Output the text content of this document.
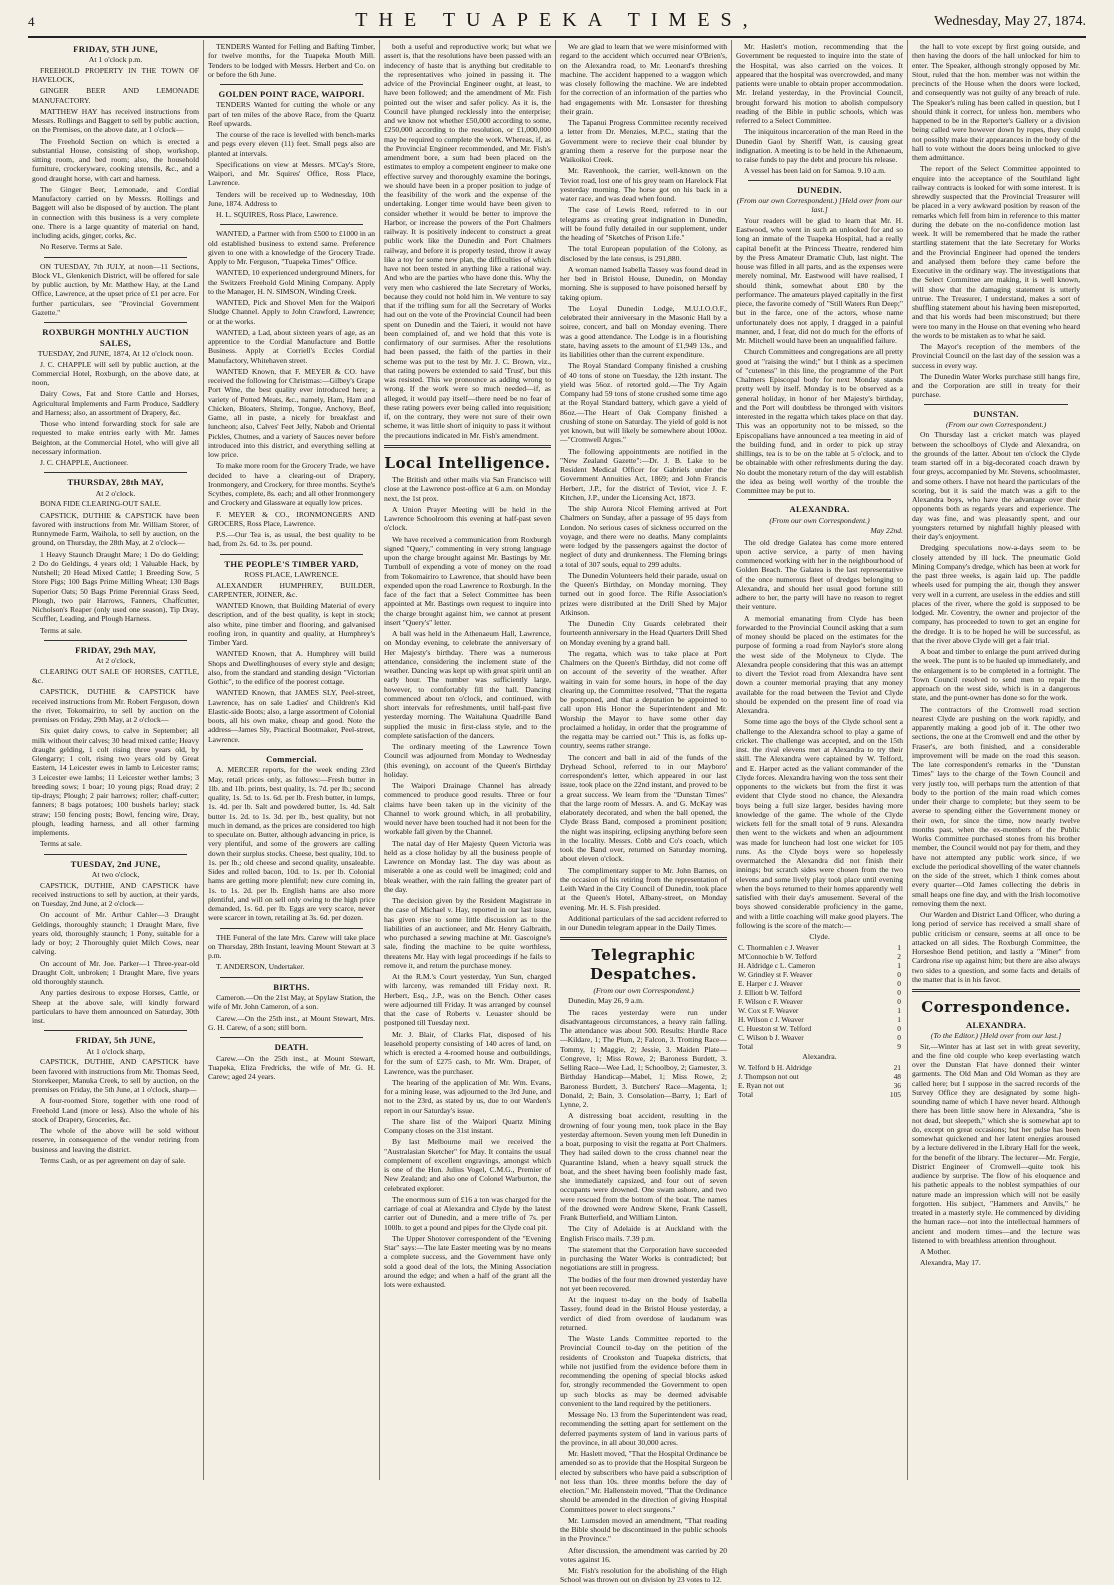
4	THE TUAPEKA TIMES,	Wednesday, May 27, 1874.
FRIDAY, 5TH JUNE,
At 1 o'clock p.m.

FREEHOLD PROPERTY IN THE TOWN OF HAVELOCK,

GINGER BEER AND LEMONADE MANUFACTORY.

MATTHEW HAY has received instructions from Messrs. Rollings and Baggett to sell by public auction, on the Premises, on the above date, at 1 o'clock—

The Freehold Section on which is erected a substantial House, consisting of shop, workshop, sitting room, and bed room; also, the household furniture, crockeryware, cooking utensils, &c., and a good draught horse, with cart and harness.

The Ginger Beer, Lemonade, and Cordial Manufactory carried on by Messrs. Rollings and Baggett will also be disposed of by auction. The plant in connection with this business is a very complete one. There is a large quantity of material on hand, including acids, ginger, corks, &c.

No Reserve. Terms at Sale.

ON TUESDAY, 7th JULY, at noon—11 Sections, Block VI., Glenkenich District, will be offered for sale by public auction, by Mr. Matthew Hay, at the Land Office, Lawrence, at the upset price of £1 per acre. For further particulars, see "Provincial Government Gazette."

ROXBURGH MONTHLY AUCTION SALES,
TUESDAY, 2nd JUNE, 1874, At 12 o'clock noon.

J. C. CHAPPLE will sell by public auction, at the Commercial Hotel, Roxburgh, on the above date, at noon,

Dairy Cows, Fat and Store Cattle and Horses, Agricultural Implements and Farm Produce, Saddlery and Harness; also, an assortment of Drapery, &c.

Those who intend forwarding stock for sale are requested to make entries early with Mr. James Beighton, at the Commercial Hotel, who will give all necessary information.

J. C. CHAPPLE, Auctioneer.

THURSDAY, 28th MAY,
At 2 o'clock.

BONA FIDE CLEARING-OUT SALE.

CAPSTICK, DUTHIE & CAPSTICK have been favored with instructions from Mr. William Storer, of Runnymede Farm, Waihola, to sell by auction, on the ground, on Thursday, the 28th May, at 2 o'clock—

1 Heavy Staunch Draught Mare; 1 Do do Gelding; 2 Do do Geldings, 4 years old; 1 Valuable Hack, by Nutshell; 20 Head Mixed Cattle; 1 Breeding Sow, 5 Store Pigs; 100 Bags Prime Milling Wheat; 130 Bags Superior Oats; 50 Bags Prime Perennial Grass Seed, Plough, two pair Harrows, Fanners, Chaffcutter, Nicholson's Reaper (only used one season), Tip Dray, Scuffler, Leading, and Plough Harness.

Terms at sale.

FRIDAY, 29th MAY,
At 2 o'clock,

CLEARING OUT SALE OF HORSES, CATTLE, &c.

CAPSTICK, DUTHIE & CAPSTICK have received instructions from Mr. Robert Ferguson, down the river, Tokomairiro, to sell by auction on the premises on Friday, 29th May, at 2 o'clock—

Six quiet dairy cows, to calve in September; all milk without their calves; 30 head mixed cattle; Heavy draught gelding, 1 colt rising three years old, by Glengarry; 1 colt, rising two years old by Great Eastern, 14 Leicester ewes in lamb to Leicester rams; 3 Leicester ewe lambs; 11 Leicester wether lambs; 3 breeding sows; 1 boar; 10 young pigs; Road dray; 2 tip-drays; Plough; 2 pair harrows; roller; chaff-cutter; fanners; 8 bags potatoes; 100 bushels barley; stack straw; 150 fencing posts; Bowl, fencing wire, Dray, plough, leading harness, and all other farming implements.

Terms at sale.

TUESDAY, 2nd JUNE,
At two o'clock,

CAPSTICK, DUTHIE, AND CAPSTICK have received instructions to sell by auction, at their yards, on Tuesday, 2nd June, at 2 o'clock—

On account of Mr. Arthur Cahler—3 Draught Geldings, thoroughly staunch; 1 Draught Mare, five years old, thoroughly staunch; 1 Pony, suitable for a lady or boy; 2 Thoroughly quiet Milch Cows, near calving.

On account of Mr. Joe. Parker—1 Three-year-old Draught Colt, unbroken; 1 Draught Mare, five years old thoroughly staunch.

Any parties desirous to expose Horses, Cattle, or Sheep at the above sale, will kindly forward particulars to have them announced on Saturday, 30th inst.

FRIDAY, 5th JUNE,
At 1 o'clock sharp,

CAPSTICK, DUTHIE, AND CAPSTICK have been favored with instructions from Mr. Thomas Seed, Storekeeper, Manuka Creek, to sell by auction, on the premises on Friday, the 5th June, at 1 o'clock, sharp—

A four-roomed Store, together with one rood of Freehold Land (more or less). Also the whole of his stock of Drapery, Groceries, &c.

The whole of the above will be sold without reserve, in consequence of the vendor retiring from business and leaving the district.

Terms Cash, or as per agreement on day of sale.

TENDERS Wanted for Felling and Bafting Timber, for twelve months, for the Tuapeka Mouth Mill. Tenders to be lodged with Messrs. Herbert and Co. on or before the 6th June.

GOLDEN POINT RACE, WAIPORI.

TENDERS Wanted for cutting the whole or any part of ten miles of the above Race, from the Quartz Reef upwards.

The course of the race is levelled with bench-marks and pegs every eleven (11) feet. Small pegs also are planted at intervals.

Specifications on view at Messrs. M'Cay's Store, Waipori, and Mr. Squires' Office, Ross Place, Lawrence.

Tenders will be received up to Wednesday, 10th June, 1874. Address to

H. L. SQUIRES, Ross Place, Lawrence.

WANTED, a Partner with from £500 to £1000 in an old established business to extend same. Preference given to one with a knowledge of the Grocery Trade. Apply to Mr. Ferguson, "Tuapeka Times" Office.

WANTED, 10 experienced underground Miners, for the Switzers Freehold Gold Mining Company. Apply to the Manager, H. N. SIMSON, Winding Creek.

WANTED, Pick and Shovel Men for the Waipori Sludge Channel. Apply to John Crawford, Lawrence; or at the works.

WANTED, a Lad, about sixteen years of age, as an apprentice to the Cordial Manufacture and Bottle Business. Apply at Corriell's Eccles Cordial Manufactory, Whitehaven street.

WANTED Known, that F. MEYER & CO. have received the following for Christmas:—Gilbey's Grape Port Wine, the best quality ever introduced here; a variety of Potted Meats, &c., namely, Ham, Ham and Chicken, Bloaters, Shrimp, Tongue, Anchovy, Beef, Game, all in paste, a nicely for breakfast and luncheon; also, Calves' Feet Jelly, Nabob and Oriental Pickles, Chutnes, and a variety of Sauces never before introduced into this district, and everything selling at low price.

To make more room for the Grocery Trade, we have decided to have a clearing-out of Drapery, Ironmongery, and Crockery, for three months. Scythe's Scythes, complete, 8s. each; and all other Ironmongery and Crockery and Glassware at equally low prices.

F. MEYER & CO., IRONMONGERS AND GROCERS, Ross Place, Lawrence.

P.S.—Our Tea is, as usual, the best quality to be had, from 2s. 6d. to 3s. per pound.

THE PEOPLE'S TIMBER YARD,
ROSS PLACE, LAWRENCE.

ALEXANDER HUMPHREY, BUILDER, CARPENTER, JOINER, &c.

WANTED Known, that Building Material of every description, and of the best quality, is kept in stock; also white, pine timber and flooring, and galvanised roofing iron, in quantity and quality, at Humphrey's Timber Yard.

WANTED Known, that A. Humphrey will build Shops and Dwellinghouses of every style and design; also, from the standard and standing design "Victorian Gothic", to the edifice of the poorest cottage.

WANTED Known, that JAMES SLY, Peel-street, Lawrence, has on sale Ladies' and Children's Kid Elastic-side Boots; also, a large assortment of Colonial boots, all his own make, cheap and good. Note the address—James Sly, Practical Bootmaker, Peel-street, Lawrence.

Commercial.

A. MERCER reports, for the week ending 23rd May, retail prices only, as follows:—Fresh butter in 1lb. and 1lb. prints, best quality, 1s. 7d. per lb.; second quality, 1s. 5d. to 1s. 6d. per lb. Fresh butter, in lumps, 1s. 4d. per lb. Salt and powdered butter, 1s. 4d. Salt butter 1s. 2d. to 1s. 3d. per lb., best quality, but not much in demand, as the prices are considered too high to speculate on. Butter, although advancing in price, is very plentiful, and some of the growers are calling down their surplus stocks. Cheese, best quality, 10d. to 1s. per lb.; old cheese and second quality, unsaleable. Sides and rolled bacon, 10d. to 1s. per lb. Colonial hams are getting more plentiful; new cure coming in, 1s. to 1s. 2d. per lb. English hams are also more plentiful, and will on sell only owing to the high price demanded, 1s. 6d. per lb. Eggs are very scarce, never were scarcer in town, retailing at 3s. 6d. per dozen.

THE Funeral of the late Mrs. Carew will take place on Thursday, 28th Instant, leaving Mount Stewart at 3 p.m.

T. ANDERSON, Undertaker.

BIRTHS.

Cameron.—On the 21st May, at Spylaw Station, the wife of Mr. John Cameron, of a son.

Carew.—On the 25th inst., at Mount Stewart, Mrs. G. H. Carew, of a son; still born.

DEATH.

Carew.—On the 25th inst., at Mount Stewart, Tuapeka, Eliza Fredricks, the wife of Mr. G. H. Carew; aged 24 years.

both a useful and reproductive work; but what we assert is, that the resolutions have been passed with an indecency of haste that is anything but creditable to the representatives who joined in passing it. The advice of the Provincial Engineer ought, at least, to have been followed; and the amendment of Mr. Fish pointed out the wiser and safer policy. As it is, the Council have plunged recklessly into the enterprise; and we know not whether £50,000 according to some, £250,000 according to the resolution, or £1,000,000 may be required to complete the work. Whereas, if, as the Provincial Engineer recommended, and Mr. Fish's amendment bore, a sum had been placed on the estimates to employ a competent engineer to make one effective survey and thoroughly examine the borings, we should have been in a proper position to judge of the feasibility of the work and the expense of the undertaking. Longer time would have been given to consider whether it would be better to improve the Harbor, or increase the powers of the Port Chalmers railway. It is positively indecent to construct a great public work like the Dunedin and Port Chalmers railway, and before it is properly tested, throw it away like a toy for some new plan, the difficulties of which have not been tested in anything like a rational way. And who are the parties who have done this. Why the very men who cashiered the late Secretary of Works, because they could not hold him in. We venture to say that if the trifling sum for all the Secretary of Works had out on the vote of the Provincial Council had been spent on Dunedin and the Taieri, it would not have been complained of, and we hold that this vote is confirmatory of our surmises. After the resolutions had been passed, the faith of the parties in their scheme was put to the test by Mr. J. C. Brown, viz., that rating powers be extended to said 'Trust', but this was resisted. This we pronounce as adding wrong to wrong. If the work were so much needed—if, as alleged, it would pay itself—there need be no fear of these rating powers ever being called into requisition; if, on the contrary, they were not sure of their own scheme, it was little short of iniquity to pass it without the precautions indicated in Mr. Fish's amendment.

Local Intelligence.

The British and other mails via San Francisco will close at the Lawrence post-office at 6 a.m. on Monday next, the 1st prox.

A Union Prayer Meeting will be held in the Lawrence Schoolroom this evening at half-past seven o'clock.

We have received a communication from Roxburgh signed "Query," commenting in very strong language upon the charge brought against Mr. Bastings by Mr. Turnbull of expending a vote of money on the road from Tokomairiro to Lawrence, that should have been expended upon the road Lawrence to Roxburgh. In the face of the fact that a Select Committee has been appointed at Mr. Bastings own request to inquire into the charge brought against him, we cannot at present insert "Query's" letter.

A ball was held in the Athenaeum Hall, Lawrence, on Monday evening, to celebrate the anniversary of Her Majesty's birthday. There was a numerous attendance, considering the inclement state of the weather. Dancing was kept up with great spirit until an early hour. The number was sufficiently large, however, to comfortably fill the hall. Dancing commenced about ten o'clock, and continued, with short intervals for refreshments, until half-past five yesterday morning. The Waitahuna Quadrille Band supplied the music in first-class style, and to the complete satisfaction of the dancers.

The ordinary meeting of the Lawrence Town Council was adjourned from Monday to Wednesday (this evening), on account of the Queen's Birthday holiday.

The Waipori Drainage Channel has already commenced to produce good results. Three or four claims have been taken up in the vicinity of the Channel to work ground which, in all probability, would never have been touched had it not been for the workable fall given by the Channel.

The natal day of Her Majesty Queen Victoria was held as a close holiday by all the business people of Lawrence on Monday last. The day was about as miserable a one as could well be imagined; cold and bleak weather, with the rain falling the greater part of the day.

The decision given by the Resident Magistrate in the case of Michael v. Hay, reported in our last issue, has given rise to some little discussion as to the liabilities of an auctioneer, and Mr. Henry Galbraith, who purchased a sewing machine at Mr. Gascoigne's sale, finding the machine to be quite worthless, threatens Mr. Hay with legal proceedings if he fails to remove it, and return the purchase money.

At the R.M.'s Court yesterday, Yun Sun, charged with larceny, was remanded till Friday next. R. Herbert, Esq., J.P., was on the Bench. Other cases were adjourned till Friday. It was arranged by counsel that the case of Roberts v. Leuaster should be postponed till Tuesday next.

Mr. J. Blair, of Clarks Flat, disposed of his leasehold property consisting of 140 acres of land, on which is erected a 4-roomed house and outbuildings, for the sum of £275 cash, to Mr. Wm. Draper, of Lawrence, was the purchaser.

The hearing of the application of Mr. Wm. Evans, for a mining lease, was adjourned to the 3rd June, and not to the 23rd, as stated by us, due to our Warden's report in our Saturday's issue.

The share list of the Waipori Quartz Mining Company closes on the 31st instant.

By last Melbourne mail we received the "Australasian Sketcher" for May. It contains the usual complement of excellent engravings, amongst which is one of the Hon. Julius Vogel, C.M.G., Premier of New Zealand; and also one of Colonel Warburton, the celebrated explorer.

The enormous sum of £16 a ton was charged for the carriage of coal at Alexandra and Clyde by the latest carrier out of Dunedin, and a mere trifle of 7s. per 100lb. to get a pound and pipes for the Clyde coal pit.

The Upper Shotover correspondent of the "Evening Star" says:—The late Easter meeting was by no means a complete success, and the Government have only sold a good deal of the lots, the Mining Association around the edge; and when a half of the grant all the lots were exhausted.

We are glad to learn that we were misinformed with regard to the accident which occurred near O'Brien's, on the Alexandra road, to Mr. Leonard's threshing machine. The accident happened to a waggon which was closely following the machine. We are indebted for the correction of an information of the parties who had engagements with Mr. Lonsaster for threshing their grain.

The Tapanui Progress Committee recently received a letter from Dr. Menzies, M.P.C., stating that the Government were to recieve their coal blunder by granting them a reserve for the purpose near the Waikoikoi Creek.

Mr. Ravenhook, the carrier, well-known on the Teviot road, lost one of his grey team on Harelock Flat yesterday morning. The horse got on his back in a water race, and was dead when found.

The case of Lewis Reed, referred to in our telegrams as creating great indignation in Dunedin, will be found fully detailed in our supplement, under the heading of "Sketches of Prison Life."

The total European population of the Colony, as disclosed by the late census, is 291,880.

A woman named Isabella Tassey was found dead in her bed in Bristol House, Dunedin, on Monday morning. She is supposed to have poisoned herself by taking opium.

The Loyal Dunedin Lodge, M.U.I.O.O.F., celebrated their anniversary in the Masonic Hall by a soiree, concert, and ball on Monday evening. There was a good attendance. The Lodge is in a flourishing state, having assets to the amount of £1,949 13s., and its liabilities other than the current expenditure.

The Royal Standard Company finished a crushing of 40 tons of stone on Tuesday, the 12th instant. The yield was 56oz. of retorted gold.—The Try Again Company had 59 tons of stone crushed some time ago at the Royal Standard battery, which gave a yield of 86oz.—The Heart of Oak Company finished a crushing of stone on Saturday. The yield of gold is not yet known, but will likely be somewhere about 100oz.—"Cromwell Argus."

The following appointments are notified in the "New Zealand Gazette":—Dr. J. B. Lake to be Resident Medical Officer for Gabriels under the Government Annuities Act, 1869; and John Francis Herbert, J.P., for the district of Teviot, vice J. F. Kitchen, J.P., under the Licensing Act, 1873.

The ship Aurora Nicol Fleming arrived at Port Chalmers on Sunday, after a passage of 95 days from London. No serious cases of sickness occurred on the voyage, and there were no deaths. Many complaints were lodged by the passengers against the doctor of neglect of duty and drunkenness. The Fleming brings a total of 307 souls, equal to 299 adults.

The Dunedin Volunteers held their parade, usual on the Queen's Birthday, on Monday morning. They turned out in good force. The Rifle Association's prizes were distributed at the Drill Shed by Major Atkinson.

The Dunedin City Guards celebrated their fourteenth anniversary in the Head Quarters Drill Shed on Monday evening by a grand ball.

The regatta, which was to take place at Port Chalmers on the Queen's Birthday, did not come off on account of the severity of the weather. After waiting in vain for some hours, in hope of the day clearing up, the Committee resolved, "That the regatta be postponed, and that a deputation be appointed to call upon His Honor the Superintendent and Mr. Worship the Mayor to have some other day proclaimed a holiday, in order that the programme of the regatta may be carried out." This is, as folks up-country, seems rather strange.

The concert and ball in aid of the funds of the Dryhead School, referred to in our Mayboro' correspondent's letter, which appeared in our last issue, took place on the 22nd instant, and proved to be a great success. We learn from the "Dunstan Times" that the large room of Messrs. A. and G. McKay was elaborately decorated, and when the ball opened, the Clyde Brass Band, composed a prominent position; the night was inspiring, eclipsing anything before seen in the locality. Messrs. Cobb and Co's coach, which took the Band over, returned on Saturday morning, about eleven o'clock.

The complimentary supper to Mr. John Barnes, on the occasion of his retiring from the representation of Leith Ward in the City Council of Dunedin, took place at the Queen's Hotel, Albany-street, on Monday evening. Mr. H. S. Fish presided.

Additional particulars of the sad accident referred to in our Dunedin telegram appear in the Daily Times.

Telegraphic Despatches.
(From our own Correspondent.)

Dunedin, May 26, 9 a.m.

The races yesterday were run under disadvantageous circumstances, a heavy rain falling. The attendance was about 500. Results: Hurdle Race—Kildare, 1; The Plum, 2; Falcon, 3. Trotting Race—Tommy, 1; Maggie, 2; Jessie, 3. Maiden Plate—Congreve, 1; Miss Rowe, 2; Baroness Burdett, 3. Selling Race—Wee Lad, 1; Schoolboy, 2; Gamester, 3. Birthday Handicap—Mabel, 1; Miss Rowe, 2; Baroness Burdett, 3. Butchers' Race—Magenta, 1; Donald, 2; Bain, 3. Consolation—Barry, 1; Earl of Lynne, 2.

A distressing boat accident, resulting in the drowning of four young men, took place in the Bay yesterday afternoon. Seven young men left Dunedin in a boat, purposing to visit the regatta at Port Chalmers. They had sailed down to the cross channel near the Quarantine Island, when a heavy squall struck the boat, and the sheet having been foolishly made fast, she immediately capsized, and four out of seven occupants were drowned. One swam ashore, and two were rescued from the bottom of the boat. The names of the drowned were Andrew Skene, Frank Cassell, Frank Butterfield, and William Linton.

The City of Adelaide is at Auckland with the English Frisco mails. 7.39 p.m.

The statement that the Corporation have succeeded in purchasing the Water Works is contradicted; but negotiations are still in progress.

The bodies of the four men drowned yesterday have not yet been recovered.

At the inquest to-day on the body of Isabella Tassey, found dead in the Bristol House yesterday, a verdict of died from overdose of laudanum was returned.

The Waste Lands Committee reported to the Provincial Council to-day on the petition of the residents of Crookston and Tuapeka districts, that while not justified from the evidence before them in recommending the opening of special blocks asked for, strongly recommended the Government to open up such blocks as may be deemed advisable convenient to the land required by the petitioners.

Message No. 13 from the Superintendent was read, recommending the setting apart for settlement on the deferred payments system of land in various parts of the province, in all about 30,000 acres.

Mr. Haslett moved, "That the Hospital Ordinance be amended so as to provide that the Hospital Surgeon be elected by subscribers who have paid a subscription of not less than 10s. three months before the day of election." Mr. Hallenstein moved, "That the Ordinance should be amended in the direction of giving Hospital Committees power to elect surgeons."

Mr. Lumsden moved an amendment, "That reading the Bible should be discontinued in the public schools in the Province."

After discussion, the amendment was carried by 20 votes against 16.

Mr. Fish's resolution for the abolishing of the High School was thrown out on division by 23 votes to 12.

Mr. Haslett's motion, recommending that the Government be requested to inquire into the state of the Hospital, was also carried on the voices. It appeared that the hospital was overcrowded, and many patients were unable to obtain proper accommodation. Mr. Ireland yesterday, in the Provincial Council, brought forward his motion to abolish compulsory reading of the Bible in public schools, which was referred to a Select Committee.

The iniquitous incarceration of the man Reed in the Dunedin Gaol by Sheriff Watt, is causing great indignation. A meeting is to be held in the Athenaeum, to raise funds to pay the debt and procure his release.

A vessel has been laid on for Samoa. 9.10 a.m.

DUNEDIN.
(From our own Correspondent.) [Held over from our last.]

Your readers will be glad to learn that Mr. H. Eastwood, who went in such an unlooked for and so long an inmate of the Tuapeka Hospital, had a really capital benefit at the Princess Theatre, rendered him by the Press Amateur Dramatic Club, last night. The house was filled in all parts, and as the expenses were merely nominal, Mr. Eastwood will have realised, I should think, somewhat about £80 by the performance. The amateurs played capitally in the first piece, the favorite comedy of "Still Waters Run Deep;" but in the farce, one of the actors, whose name unfortunately does not apply, I dragged in a painful manner, and, I fear, did not do much for the efforts of Mr. Mitchell would have been an unqualified failure.

Church Committees and congregations are all pretty good at "raising the wind;" but I think as a specimen of "cuteness" in this line, the programme of the Port Chalmers Episcopal body for next Monday stands pretty well by itself. Monday is to be observed as a general holiday, in honor of her Majesty's birthday, and the Port will doubtless be thronged with visitors interested in the regatta which takes place on that day. This was an opportunity not to be missed, so the Episcopalians have announced a tea meeting in aid of the building fund, and in order to pick up stray shillings, tea is to be on the table at 5 o'clock, and to be obtainable with other refreshments during the day. No doubt the monetary return of the day will establish the idea as being well worthy of the trouble the Committee may be put to.

ALEXANDRA.
(From our own Correspondent.)
May 22nd.

The old dredge Galatea has come more entered upon active service, a party of men having commenced working with her in the neighbourhood of Golden Beach. The Galatea is the last representative of the once numerous fleet of dredges belonging to Alexandra, and should her usual good fortune still adhere to her, the party will have no reason to regret their venture.

A memorial emanating from Clyde has been forwarded to the Provincial Council asking that a sum of money should be placed on the estimates for the purpose of forming a road from Naylor's store along the west side of the Molyneux to Clyde. The Alexandra people considering that this was an attempt to divert the Teviot road from Alexandra have sent down a counter memorial praying that any money available for the road between the Teviot and Clyde should be expended on the present line of road via Alexandra.

Some time ago the boys of the Clyde school sent a challenge to the Alexandra school to play a game of cricket. The challenge was accepted, and on the 15th inst. the rival elevens met at Alexandra to try their skill. The Alexandra were captained by W. Telford, and E. Harper acted as the valiant commander of the Clyde forces. Alexandra having won the toss sent their opponents to the wickets but from the first it was evident that Clyde stood no chance, the Alexandra boys being a full size larger, besides having more knowledge of the game. The whole of the Clyde wickets fell for the small total of 9 runs. Alexandra then went to the wickets and when an adjournment was made for luncheon had lost one wicket for 105 runs. As the Clyde boys were so hopelessly overmatched the Alexandra did not finish their innings; but scratch sides were chosen from the two elevens and some lively play took place until evening when the boys returned to their homes apparently well satisfied with their day's amusement. Several of the boys showed considerable proficiency in the game, and with a little coaching will make good players. The following is the score of the match:—

Clyde.
C. Thormahlen c J. Weaver	1
M'Connochie b W. Telford	2
H. Aldridge c L. Cameron	1
W. Grindley st F. Weaver	0
E. Harper c J. Weaver	0
J. Elliott b W. Telford	0
F. Wilson c F. Weaver	0
W. Cox st F. Weaver	1
H. Wilson c J. Weaver	1
C. Hueston st W. Telford	0
C. Wilson b J. Weaver	0
Total	9
Alexandra.
W. Telford b H. Aldridge	21
J. Thompson not out	48
E. Ryan not out	36
Total	105

the hall to vote except by first going outside, and then having the doors of the hall unlocked for him to enter. The Speaker, although strongly opposed by Mr. Stout, ruled that the hon. member was not within the precincts of the House when the doors were locked, and consequently was not guilty of any breach of rule. The Speaker's ruling has been called in question, but I should think it correct, for unless hon. members who happened to be in the Reporter's Gallery or a division being called were however down by ropes, they could not possibly make their appearances in the body of the hall to vote without the doors being unlocked to give them admittance.

The report of the Select Committee appointed to enquire into the acceptance of the Southland light railway contracts is looked for with some interest. It is shrewdly suspected that the Provincial Treasurer will be placed in a very awkward position by reason of the remarks which fell from him in reference to this matter during the debate on the no-confidence motion last week. It will be remembered that he made the rather startling statement that the late Secretary for Works and the Provincial Engineer had opened the tenders and analysed them before they came before the Executive in the ordinary way. The investigations that the Select Committee are making, it is well known, will show that the damaging statement is utterly untrue. The Treasurer, I understand, makes a sort of shuffling statement about his having been misreported, and that his words had been misconstrued; but there were too many in the House on that evening who heard the words to be mistaken as to what he said.

The Mayor's reception of the members of the Provincial Council on the last day of the session was a success in every way.

The Dunedin Water Works purchase still hangs fire, and the Corporation are still in treaty for their purchase.

DUNSTAN.
(From our own Correspondent.)

On Thursday last a cricket match was played between the schoolboys of Clyde and Alexandra, on the grounds of the latter. About ten o'clock the Clyde team started off in a big-decorated coach drawn by four greys, accompanied by Mr. Stevens, schoolmaster, and some others. I have not heard the particulars of the scoring, but it is said the match was a gift to the Alexandra boys, who have the advantage over their opponents both as regards years and experience. The day was fine, and was pleasantly spent, and our youngsters returned by nightfall highly pleased with their day's enjoyment.

Dredging speculations now-a-days seem to be closely attended by ill luck. The pneumatic Gold Mining Company's dredge, which has been at work for the past three weeks, is again laid up. The paddle wheels used for pumping the air, though they answer very well in a current, are useless in the eddies and still places of the river, where the gold is supposed to be lodged. Mr. Coventry, the owner and projector of the company, has proceeded to town to get an engine for the dredge. It is to be hoped he will be successful, as that the river above Clyde will get a fair trial.

A boat and timber to enlarge the punt arrived during the week. The punt is to be hauled up immediately, and the enlargement is to be completed in a fortnight. The Town Council resolved to send men to repair the approach on the west side, which is in a dangerous state, and the punt-owner has done so for the work.

The contractors of the Cromwell road section nearest Clyde are pushing on the work rapidly, and apparently making a good job of it. The other two sections, the one at the Cromwell end and the other by Fraser's, are both finished, and a considerable improvement will be made on the road this season. The late correspondent's remarks in the "Dunstan Times" lays to the charge of the Town Council and very justly too, will perhaps turn the attention of that body to the portion of the main road which comes under their charge to complete; but they seem to be averse to spending either the Government money or their own, for since the time, now nearly twelve months past, when the ex-members of the Public Works Committee purchased stones from his brother member, the Council would not pay for them, and they have not attempted any public work since, if we exclude the periodical shovelling of the water channels on the side of the street, which I think comes about every quarter—Old James collecting the debris in small heaps one fine day, and with the Irish locomotive removing them the next.

Our Warden and District Land Officer, who during a long period of service has received a small share of public criticism or censure, seems at all once to be attacked on all sides. The Roxburgh Committee, the Horseshoe Bend petition, and lastly a "Miner" from Cardrona rise up against him; but there are also always two sides to a question, and some facts and details of the matter that is in his favor.

Correspondence.
ALEXANDRA.
(To the Editor.) [Held over from our last.]

Sir,—Winter has at last set in with great severity, and the fine old couple who keep everlasting watch over the Dunstan Flat have donned their winter garments. The Old Man and Old Woman as they are called here; but I suppose in the sacred records of the Survey Office they are designated by some high-sounding name of which I have never heard. Although there has been little snow here in Alexandra, "she is not dead, but sleepeth," which she is somewhat apt to do, except on great occasions; but her pulse has been somewhat quickened and her latent energies aroused by a lecture delivered in the Library Hall for the week, for the benefit of the library. The lecturer—Mr. Fergie, District Engineer of Cromwell—quite took his audience by surprise. The flow of his eloquence and his pathetic appeals to the noblest sympathies of our nature made an impression which will not be easily forgotten. His subject, "Hammers and Anvils," he treated in a masterly style. He commenced by dividing the human race—not into the intellectual hammers of ancient and modern times—and the lecture was listened to with breathless attention throughout.

A Mother.

Alexandra, May 17.
